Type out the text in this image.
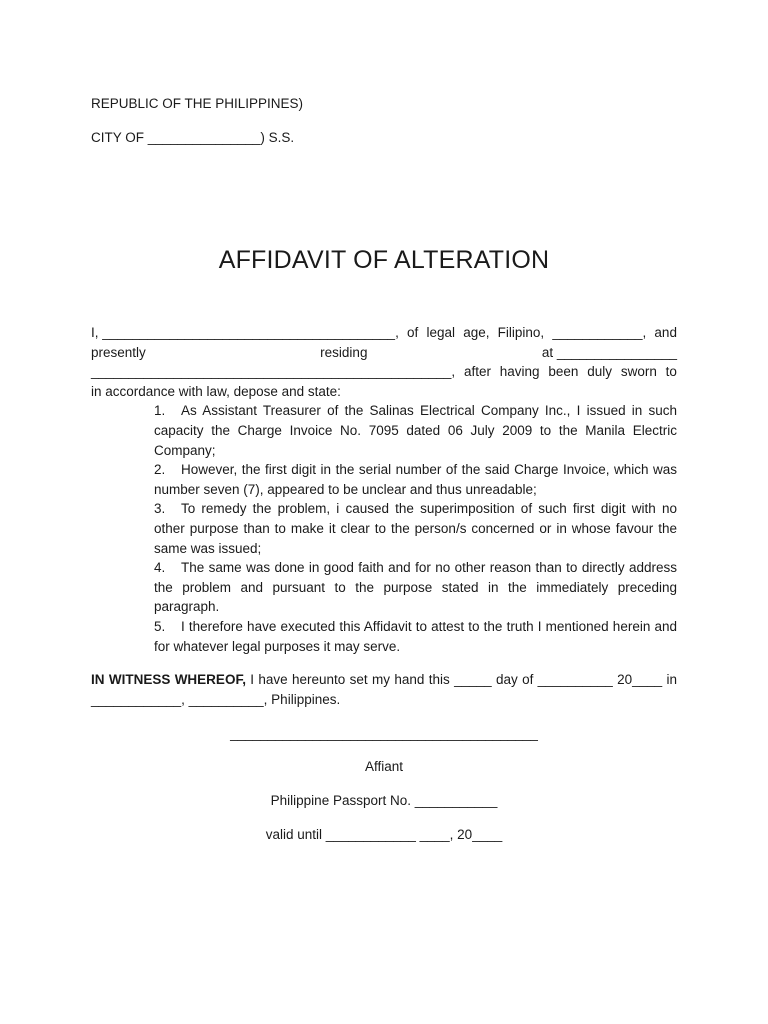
REPUBLIC OF THE PHILIPPINES)
CITY OF _______________) S.S.
AFFIDAVIT OF ALTERATION
I, _______________________________________, of legal age, Filipino, ____________, and
presently	residing	at ________________
________________________________________________, after having been duly sworn to
in accordance with law, depose and state:
1. As Assistant Treasurer of the Salinas Electrical Company Inc., I issued in such capacity the Charge Invoice No. 7095 dated 06 July 2009 to the Manila Electric Company;
2. However, the first digit in the serial number of the said Charge Invoice, which was number seven (7), appeared to be unclear and thus unreadable;
3. To remedy the problem, i caused the superimposition of such first digit with no other purpose than to make it clear to the person/s concerned or in whose favour the same was issued;
4. The same was done in good faith and for no other reason than to directly address the problem and pursuant to the purpose stated in the immediately preceding paragraph.
5. I therefore have executed this Affidavit to attest to the truth I mentioned herein and for whatever legal purposes it may serve.
IN WITNESS WHEREOF, I have hereunto set my hand this _____ day of __________ 20____ in ____________, __________, Philippines.
_________________________________________
Affiant
Philippine Passport No. ___________
valid until ____________ ____, 20____
